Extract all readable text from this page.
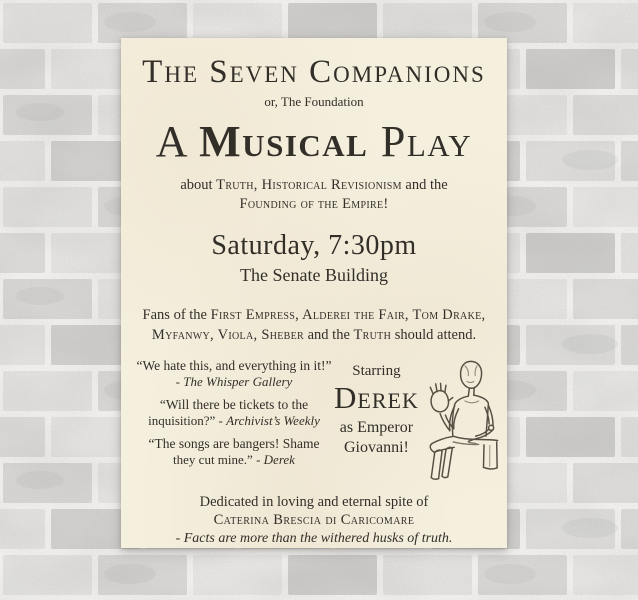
The Seven Companions
or, The Foundation
A Musical Play
about Truth, Historical Revisionism and the
Founding of the Empire!
Saturday, 7:30pm
The Senate Building
Fans of the First Empress, Alderei the Fair, Tom Drake,
Myfanwy, Viola, Sheber and the Truth should attend.
“We hate this, and everything in it!”
- The Whisper Gallery
“Will there be tickets to the
inquisition?” - Archivist’s Weekly
“The songs are bangers! Shame
they cut mine.” - Derek
Starring
Derek
as Emperor
Giovanni!
Dedicated in loving and eternal spite of
Caterina Brescia di Caricomare
- Facts are more than the withered husks of truth.
